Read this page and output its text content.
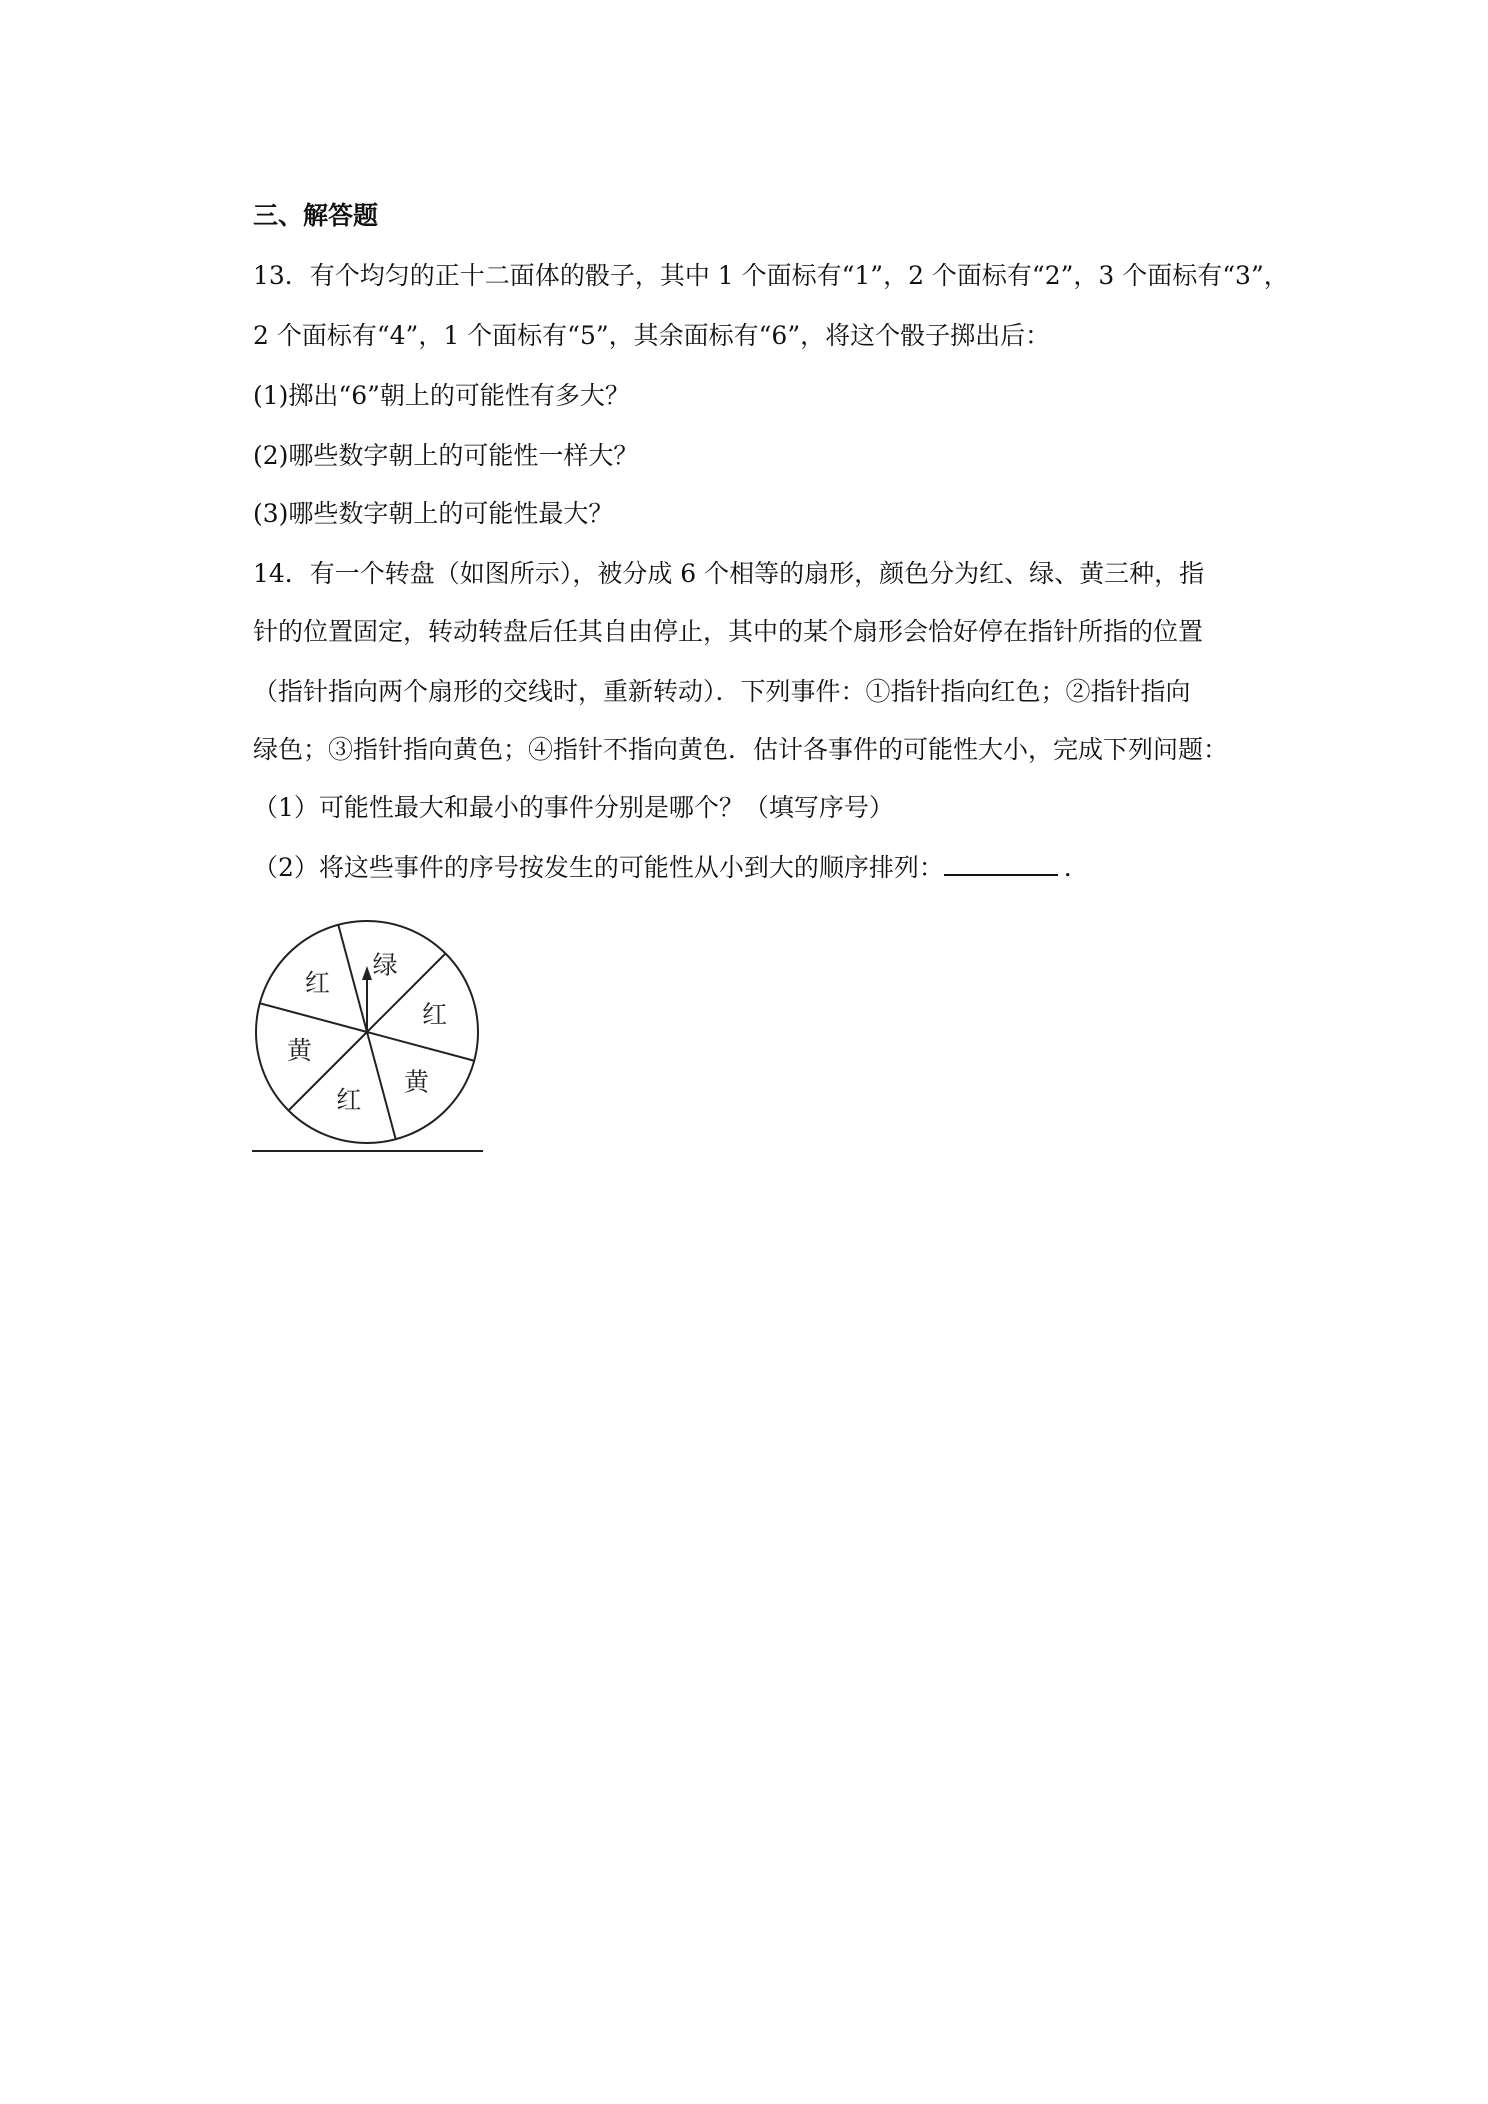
三、解答题

13．有个均匀的正十二面体的骰子，其中 1 个面标有“1”，2 个面标有“2”，3 个面标有“3”，

2 个面标有“4”，1 个面标有“5”，其余面标有“6”，将这个骰子掷出后：

(1)掷出“6”朝上的可能性有多大？

(2)哪些数字朝上的可能性一样大？

(3)哪些数字朝上的可能性最大？

14．有一个转盘（如图所示），被分成 6 个相等的扇形，颜色分为红、绿、黄三种，指

针的位置固定，转动转盘后任其自由停止，其中的某个扇形会恰好停在指针所指的位置

（指针指向两个扇形的交线时，重新转动）．下列事件：①指针指向红色；②指针指向

绿色；③指针指向黄色；④指针不指向黄色．估计各事件的可能性大小，完成下列问题：

（1）可能性最大和最小的事件分别是哪个？（填写序号）

（2）将这些事件的序号按发生的可能性从小到大的顺序排列：	．

绿
红
黄
红
黄
红
